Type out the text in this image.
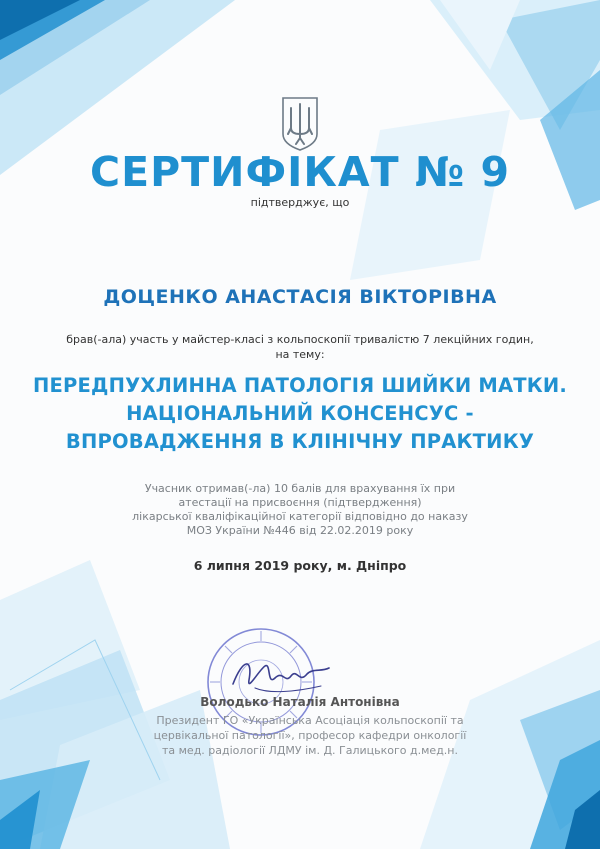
СЕРТИФІКАТ № 9
підтверджує, що
ДОЦЕНКО АНАСТАСІЯ ВІКТОРІВНА
брав(-ала) участь у майстер-класі з кольпоскопії тривалістю 7 лекційних годин, на тему:
ПЕРЕДПУХЛИННА ПАТОЛОГІЯ ШИЙКИ МАТКИ.
НАЦІОНАЛЬНИЙ КОНСЕНСУС -
ВПРОВАДЖЕННЯ В КЛІНІЧНУ ПРАКТИКУ
Учасник отримав(-ла) 10 балів для врахування їх при
атестації на присвоєння (підтвердження)
лікарської кваліфікаційної категорії відповідно до наказу
МОЗ України №446 від 22.02.2019 року
6 липня 2019 року, м. Дніпро
Володько Наталія Антонівна
Президент ГО «Українська Асоціація кольпоскопії та
цервікальної патології», професор кафедри онкології
та мед. радіології ЛДМУ ім. Д. Галицького д.мед.н.
